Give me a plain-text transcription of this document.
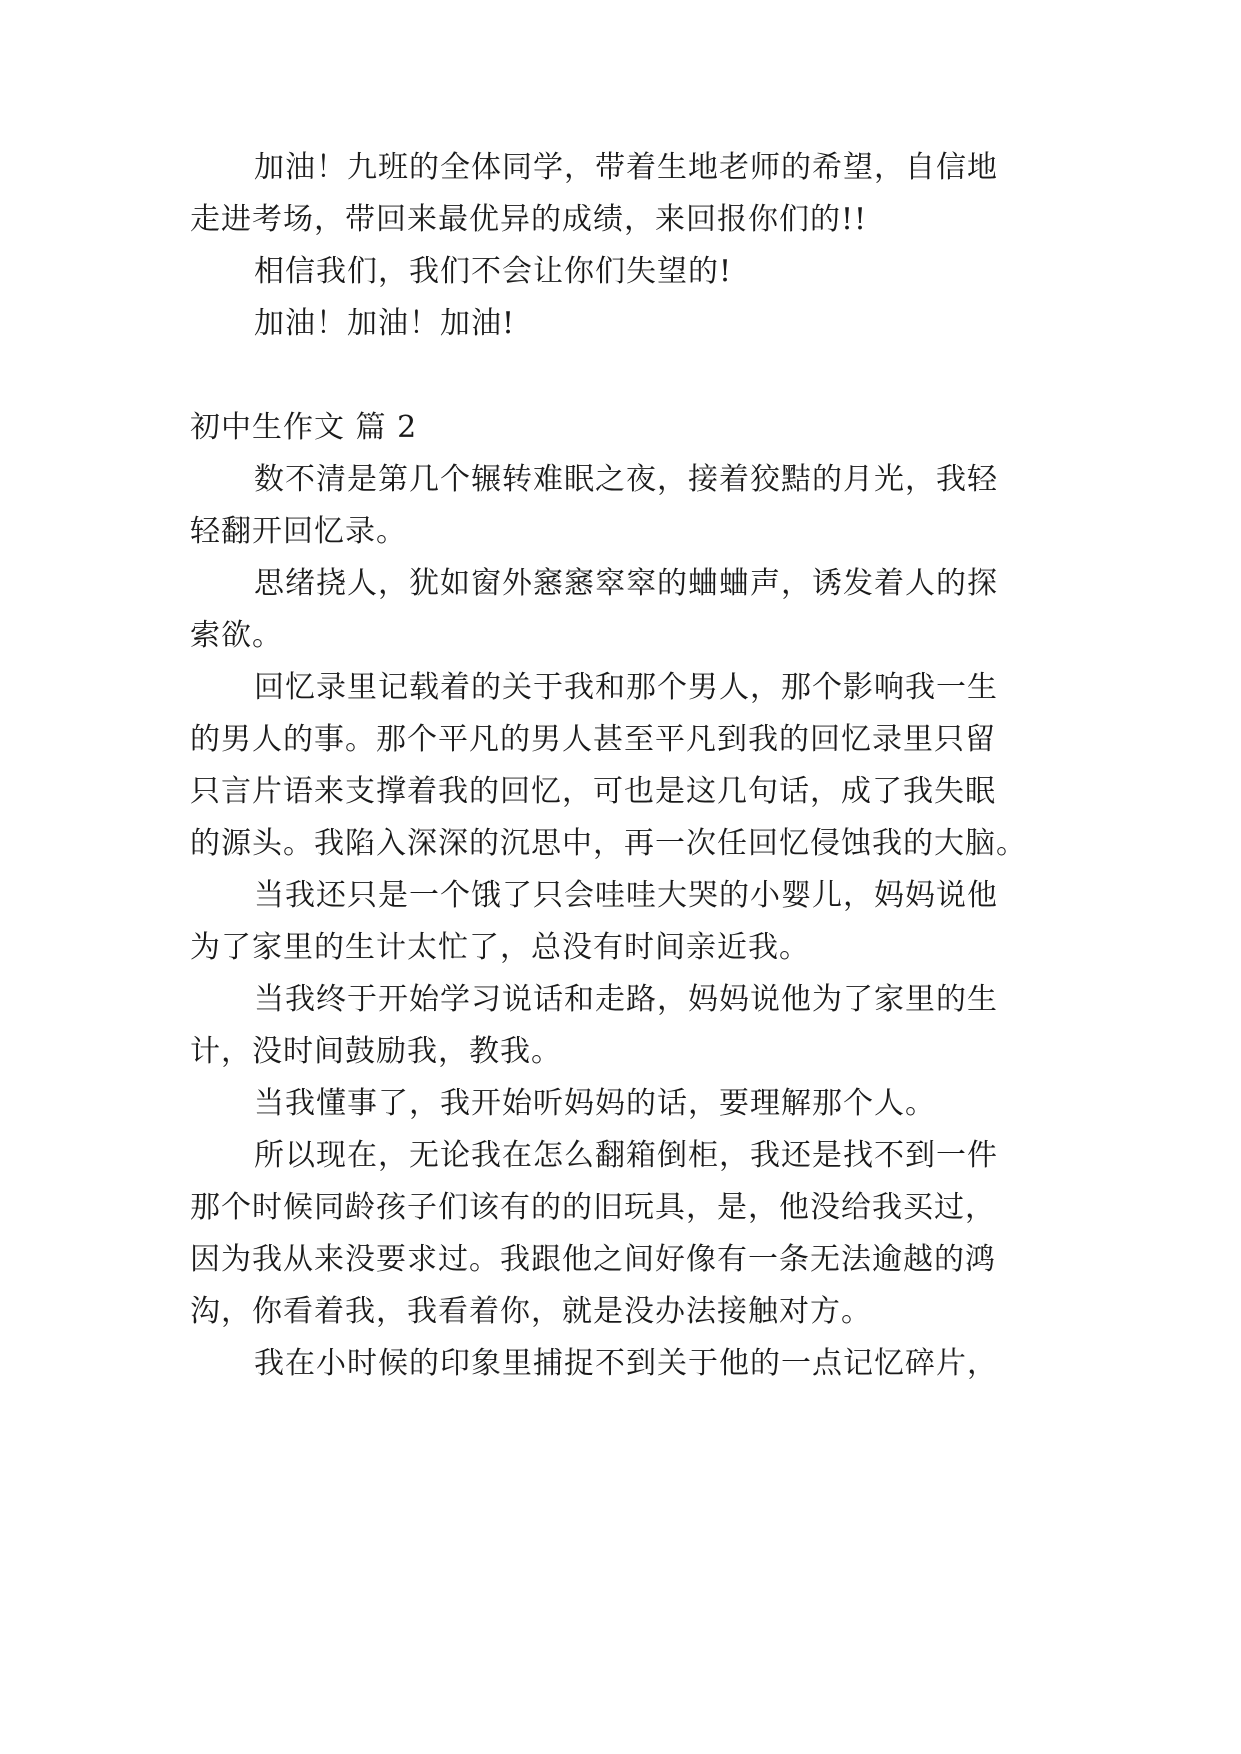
加油！九班的全体同学，带着生地老师的希望，自信地
走进考场，带回来最优异的成绩，来回报你们的!!
相信我们，我们不会让你们失望的!
加油！加油！加油!
初中生作文 篇 2
数不清是第几个辗转难眠之夜，接着狡黠的月光，我轻
轻翻开回忆录。
思绪挠人，犹如窗外窸窸窣窣的蛐蛐声，诱发着人的探
索欲。
回忆录里记载着的关于我和那个男人，那个影响我一生
的男人的事。那个平凡的男人甚至平凡到我的回忆录里只留
只言片语来支撑着我的回忆，可也是这几句话，成了我失眠
的源头。我陷入深深的沉思中，再一次任回忆侵蚀我的大脑。
当我还只是一个饿了只会哇哇大哭的小婴儿，妈妈说他
为了家里的生计太忙了，总没有时间亲近我。
当我终于开始学习说话和走路，妈妈说他为了家里的生
计，没时间鼓励我，教我。
当我懂事了，我开始听妈妈的话，要理解那个人。
所以现在，无论我在怎么翻箱倒柜，我还是找不到一件
那个时候同龄孩子们该有的的旧玩具，是，他没给我买过，
因为我从来没要求过。我跟他之间好像有一条无法逾越的鸿
沟，你看着我，我看着你，就是没办法接触对方。
我在小时候的印象里捕捉不到关于他的一点记忆碎片，
